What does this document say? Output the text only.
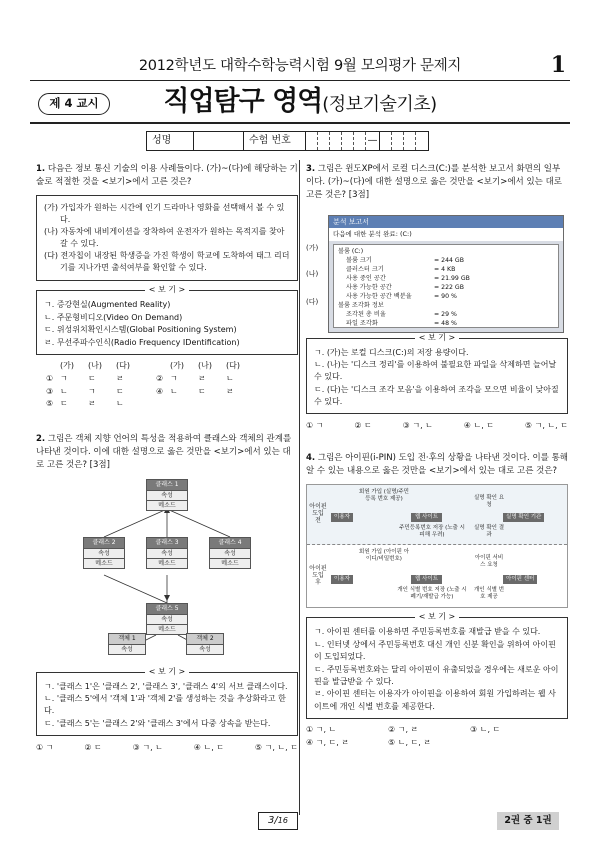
2012학년도 대학수학능력시험 9월 모의평가 문제지	1
제 4 교시	직업탐구 영역(정보기술기초)
성명	수험 번호	—
1. 다음은 정보 통신 기술의 이용 사례들이다. (가)~(다)에 해당하는 기술로 적절한 것을 <보기>에서 고른 것은?
(가) 가입자가 원하는 시간에 인기 드라마나 영화를 선택해서 볼 수 있다.
(나) 자동차에 내비게이션을 장착하여 운전자가 원하는 목적지를 찾아갈 수 있다.
(다) 전자칩이 내장된 학생증을 가진 학생이 학교에 도착하여 태그 리더기를 지나가면 출석여부를 확인할 수 있다.
< 보 기 >
ㄱ. 증강현실(Augmented Reality)
ㄴ. 주문형비디오(Video On Demand)
ㄷ. 위성위치확인시스템(Global Positioning System)
ㄹ. 무선주파수인식(Radio Frequency IDentification)
(가)	(나)	(다)	(가)	(나)	(다)
① ㄱ	ㄷ	ㄹ	② ㄱ	ㄹ	ㄴ
③ ㄴ	ㄱ	ㄷ	④ ㄴ	ㄷ	ㄹ
⑤ ㄷ	ㄹ	ㄴ
2. 그림은 객체 지향 언어의 특성을 적용하여 클래스와 객체의 관계를 나타낸 것이다. 이에 대한 설명으로 옳은 것만을 <보기>에서 있는 대로 고른 것은? [3점]
클래스 1
속성
메소드
클래스 2
속성
메소드
클래스 3
속성
메소드
클래스 4
속성
메소드
클래스 5
속성
메소드
객체 1
속성
객체 2
속성
< 보 기 >
ㄱ. '클래스 1'은 '클래스 2', '클래스 3', '클래스 4'의 서브 클래스이다.
ㄴ. '클래스 5'에서 '객체 1'과 '객체 2'를 생성하는 것을 추상화라고 한다.
ㄷ. '클래스 5'는 '클래스 2'와 '클래스 3'에서 다중 상속을 받는다.
① ㄱ	② ㄷ	③ ㄱ, ㄴ	④ ㄴ, ㄷ	⑤ ㄱ, ㄴ, ㄷ
3. 그림은 윈도XP에서 로컬 디스크(C:)를 분석한 보고서 화면의 일부이다. (가)~(다)에 대한 설명으로 옳은 것만을 <보기>에서 있는 대로 고른 것은? [3점]
(가)
(나)
(다)
분석 보고서
다음에 대한 분석 완료: (C:)
볼륨 (C:)
볼륨 크기	= 244 GB
클러스터 크기	= 4 KB
사용 중인 공간	= 21.99 GB
사용 가능한 공간	= 222 GB
사용 가능한 공간 백분율	= 90 %
볼륨 조각화 정보
조각된 총 비율	= 29 %
파일 조각화	= 48 %
< 보 기 >
ㄱ. (가)는 로컬 디스크(C:)의 저장 용량이다.
ㄴ. (나)는 '디스크 정리'를 이용하여 불필요한 파일을 삭제하면 늘어날 수 있다.
ㄷ. (다)는 '디스크 조각 모음'을 이용하여 조각을 모으면 비율이 낮아질 수 있다.
① ㄱ	② ㄷ	③ ㄱ, ㄴ	④ ㄴ, ㄷ	⑤ ㄱ, ㄴ, ㄷ
4. 그림은 아이핀(i-PIN) 도입 전·후의 상황을 나타낸 것이다. 이를 통해 알 수 있는 내용으로 옳은 것만을 <보기>에서 있는 대로 고른 것은?
아이핀 도입 전
아이핀 도입 후
이용자	웹 사이트	실명 확인 기관
회원 가입 (실명/주민등록 번호 제공)
주민등록번호 저장 (노출 시 피해 우려)
실명 확인 요청
실명 확인 결과
이용자	웹 사이트	아이핀 센터
회원 가입 (아이핀 아이디/비밀번호)
개인 식별 번호 저장 (노출 시 폐기/재발급 가능)
아이핀 서비스 요청
개인 식별 번호 제공
< 보 기 >
ㄱ. 아이핀 센터를 이용하면 주민등록번호를 재발급 받을 수 있다.
ㄴ. 인터넷 상에서 주민등록번호 대신 개인 신분 확인을 위하여 아이핀이 도입되었다.
ㄷ. 주민등록번호와는 달리 아이핀이 유출되었을 경우에는 새로운 아이핀을 발급받을 수 있다.
ㄹ. 아이핀 센터는 이용자가 아이핀을 이용하여 회원 가입하려는 웹 사이트에 개인 식별 번호를 제공한다.
① ㄱ, ㄴ	② ㄱ, ㄹ	③ ㄴ, ㄷ
④ ㄱ, ㄷ, ㄹ	⑤ ㄴ, ㄷ, ㄹ
3/16	2권 중 1권
